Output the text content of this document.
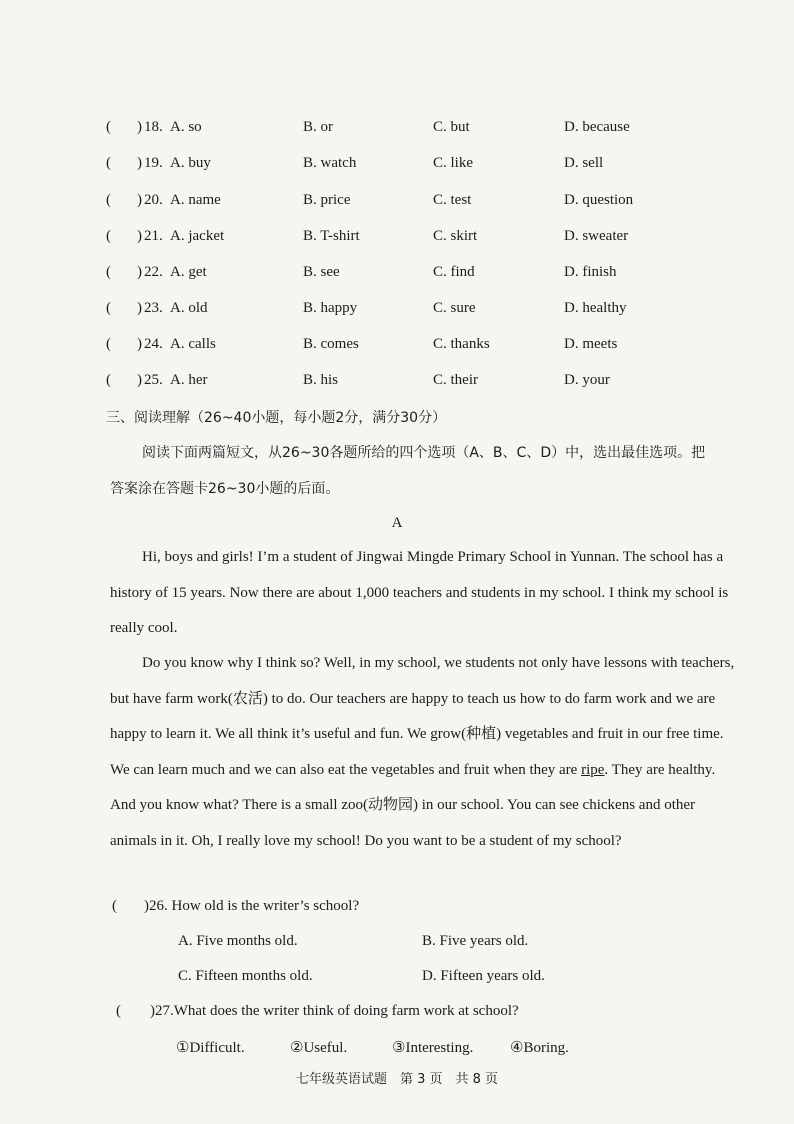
( ) 18. A. so	B. or	C. but	D. because
( ) 19. A. buy	B. watch	C. like	D. sell
( ) 20. A. name	B. price	C. test	D. question
( ) 21. A. jacket	B. T-shirt	C. skirt	D. sweater
( ) 22. A. get	B. see	C. find	D. finish
( ) 23. A. old	B. happy	C. sure	D. healthy
( ) 24. A. calls	B. comes	C. thanks	D. meets
( ) 25. A. her	B. his	C. their	D. your
三、阅读理解（26~40小题，每小题2分，满分30分）
阅读下面两篇短文，从26~30各题所给的四个选项（A、B、C、D）中，选出最佳选项。把
答案涂在答题卡26~30小题的后面。
A
Hi, boys and girls! I’m a student of Jingwai Mingde Primary School in Yunnan. The school has a history of 15 years. Now there are about 1,000 teachers and students in my school. I think my school is really cool.
Do you know why I think so? Well, in my school, we students not only have lessons with teachers, but have farm work(农活) to do. Our teachers are happy to teach us how to do farm work and we are happy to learn it. We all think it’s useful and fun. We grow(种植) vegetables and fruit in our free time. We can learn much and we can also eat the vegetables and fruit when they are ripe. They are healthy. And you know what? There is a small zoo(动物园) in our school. You can see chickens and other animals in it. Oh, I really love my school! Do you want to be a student of my school?
( )26. How old is the writer’s school?
A. Five months old.	B. Five years old.
C. Fifteen months old.	D. Fifteen years old.
( )27.What does the writer think of doing farm work at school?
①Difficult.	②Useful.	③Interesting. ④Boring.
七年级英语试题　第 3 页　共 8 页
